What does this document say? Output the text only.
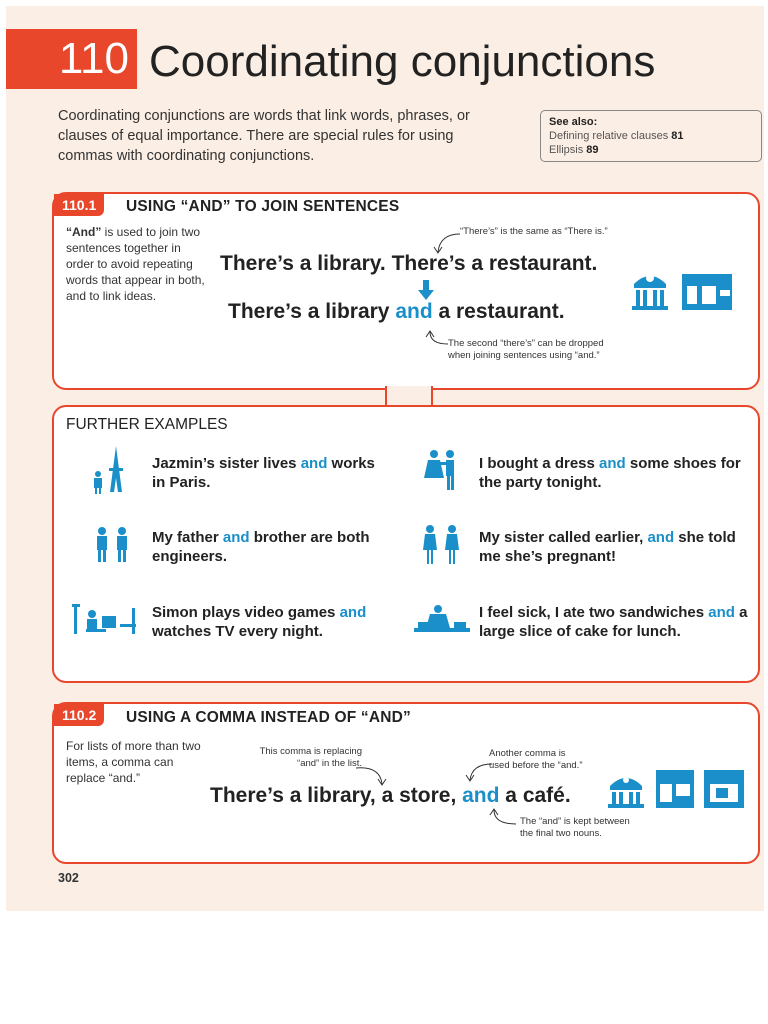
110 Coordinating conjunctions
Coordinating conjunctions are words that link words, phrases, or clauses of equal importance. There are special rules for using commas with coordinating conjunctions.
See also:
Defining relative clauses 81
Ellipsis 89
110.1	USING “AND” TO JOIN SENTENCES
“And” is used to join two sentences together in order to avoid repeating words that appear in both, and to link ideas.
“There’s” is the same as “There is.”
There’s a library. There’s a restaurant.
There’s a library and a restaurant.
The second “there’s” can be dropped
when joining sentences using “and.”
FURTHER EXAMPLES
Jazmin’s sister lives and works in Paris.
I bought a dress and some shoes for the party tonight.
My father and brother are both engineers.
My sister called earlier, and she told me she’s pregnant!
Simon plays video games and watches TV every night.
I feel sick, I ate two sandwiches and a large slice of cake for lunch.
110.2	USING A COMMA INSTEAD OF “AND”
For lists of more than two items, a comma can replace “and.”
This comma is replacing
“and” in the list.
Another comma is
used before the “and.”
There’s a library, a store, and a café.
The “and” is kept between
the final two nouns.
302
